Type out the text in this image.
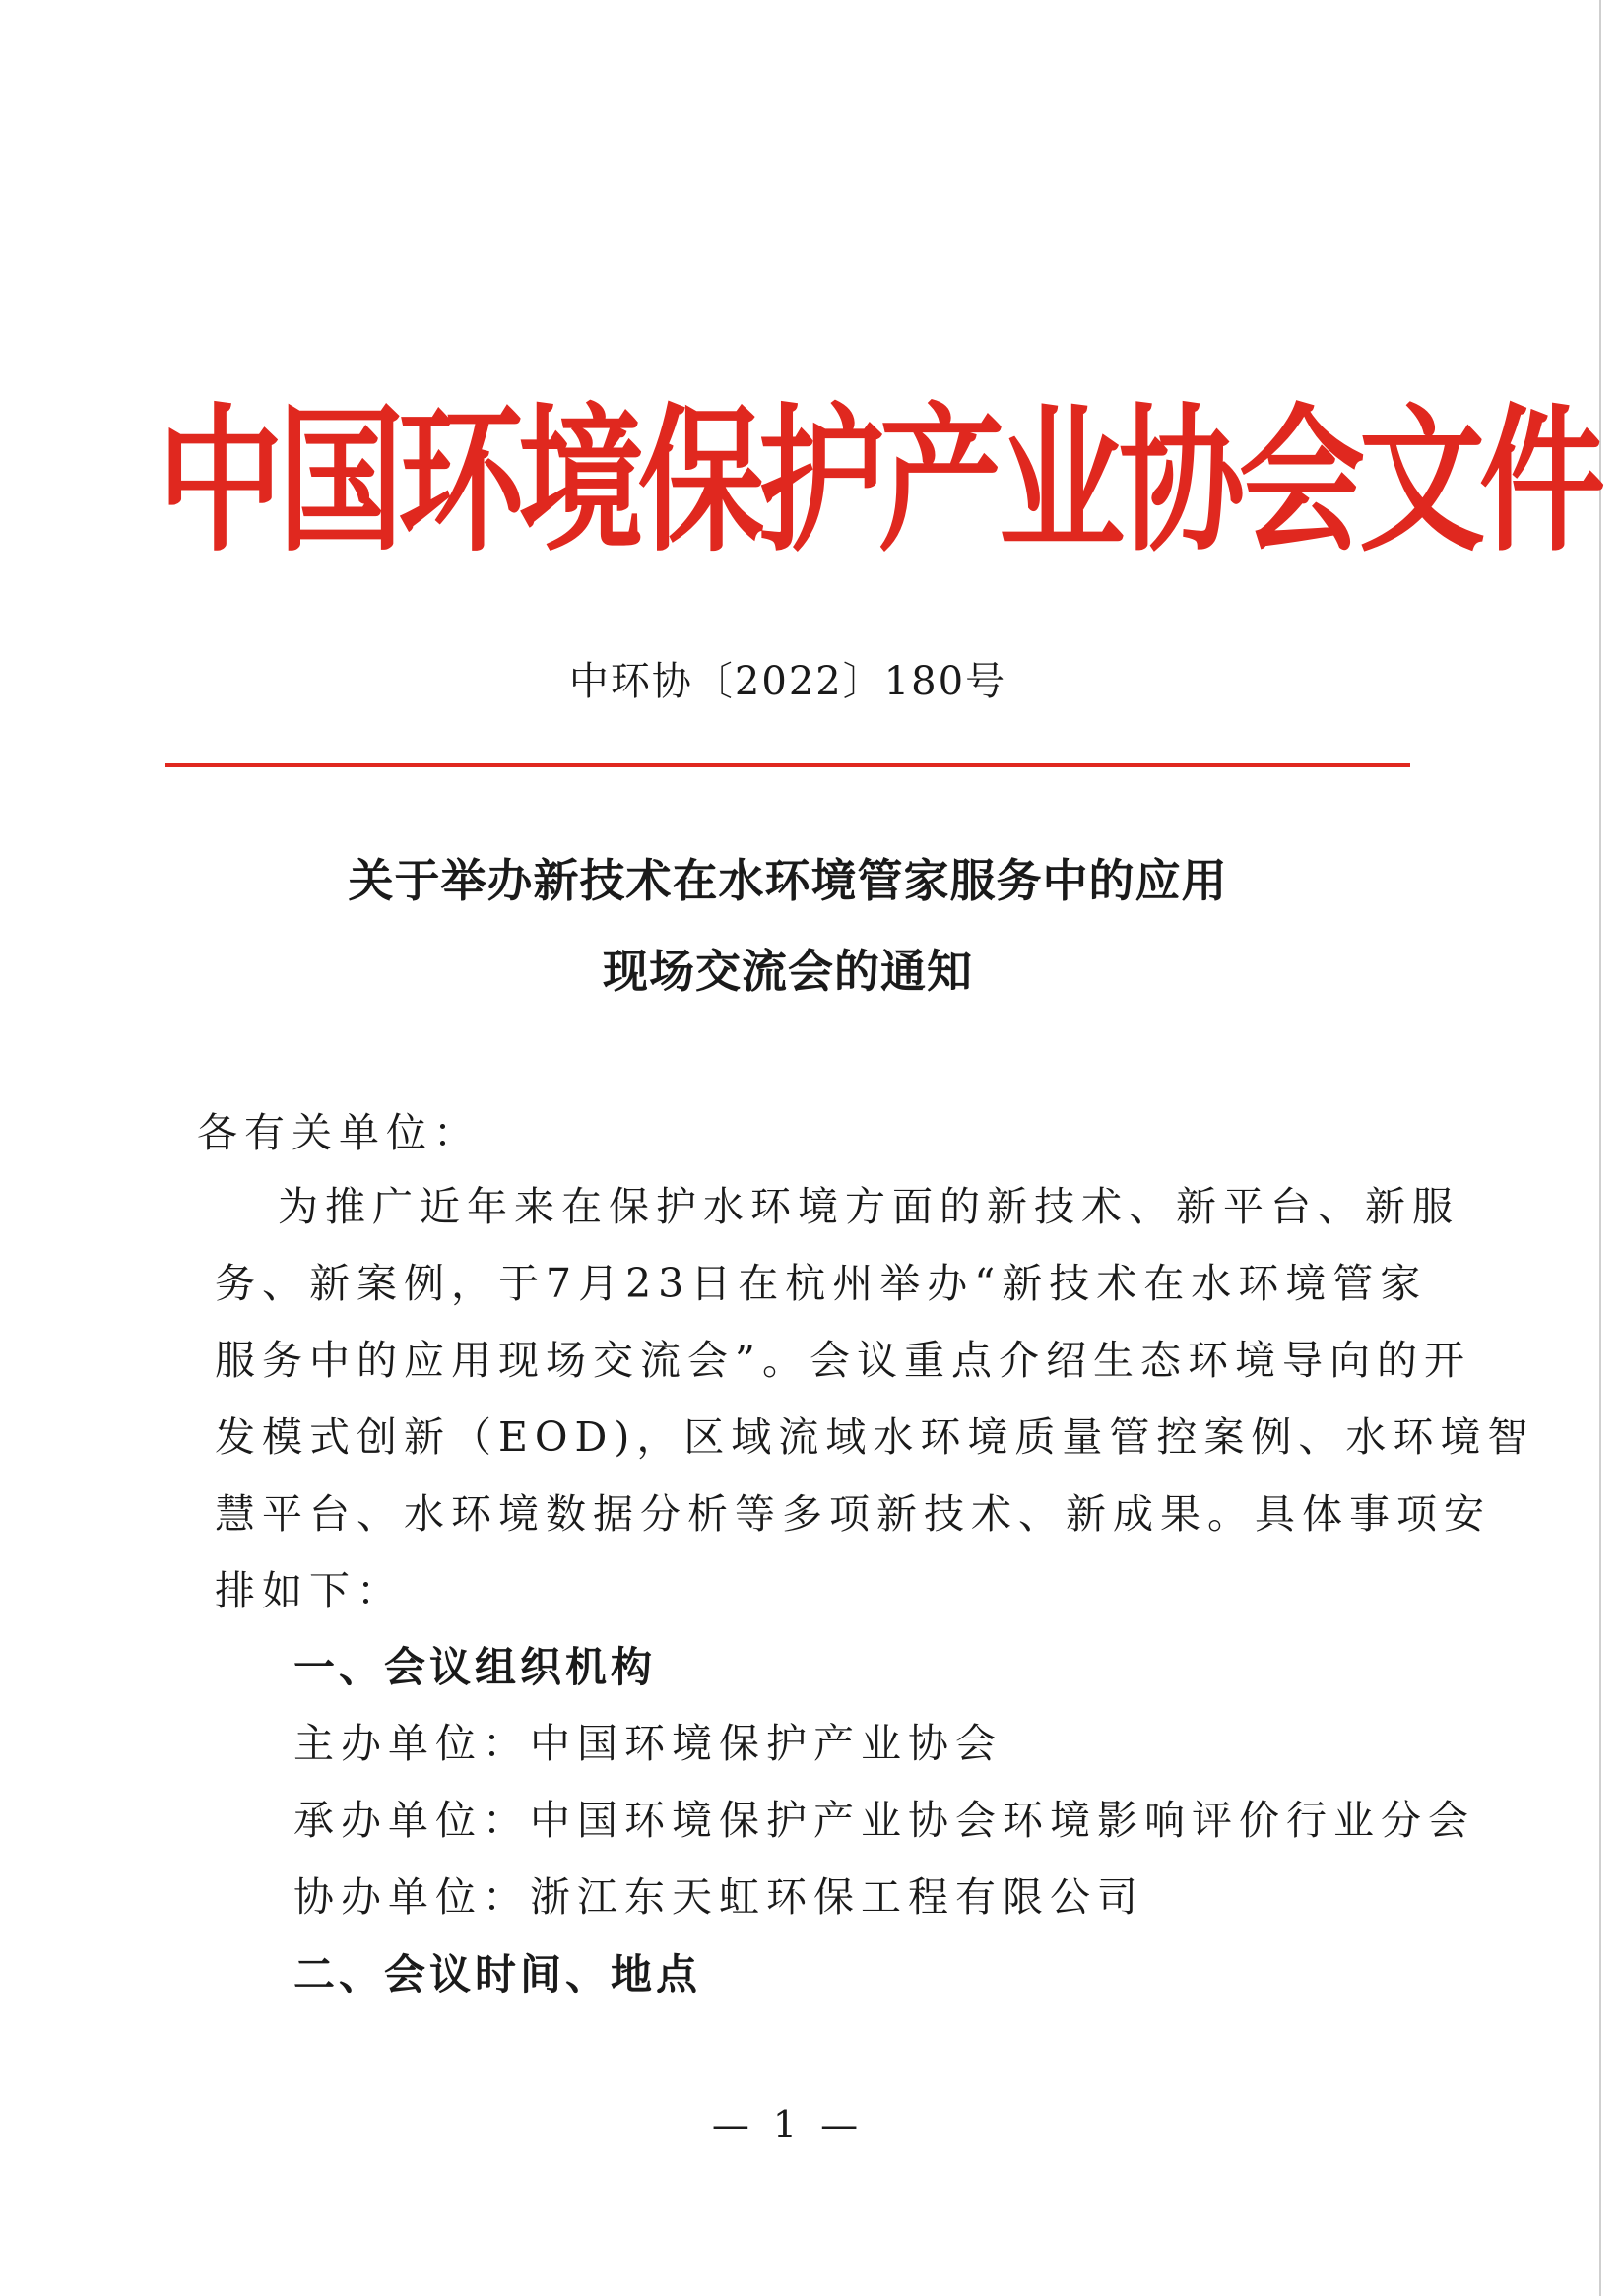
中国环境保护产业协会文件
中环协〔2022〕180号
关于举办新技术在水环境管家服务中的应用
现场交流会的通知
各有关单位：
为推广近年来在保护水环境方面的新技术、新平台、新服
务、新案例，于7月23日在杭州举办“新技术在水环境管家
服务中的应用现场交流会”。会议重点介绍生态环境导向的开
发模式创新（EOD)，区域流域水环境质量管控案例、水环境智
慧平台、水环境数据分析等多项新技术、新成果。具体事项安
排如下：
一、会议组织机构
主办单位：中国环境保护产业协会
承办单位：中国环境保护产业协会环境影响评价行业分会
协办单位：浙江东天虹环保工程有限公司
二、会议时间、地点
— 1 —
